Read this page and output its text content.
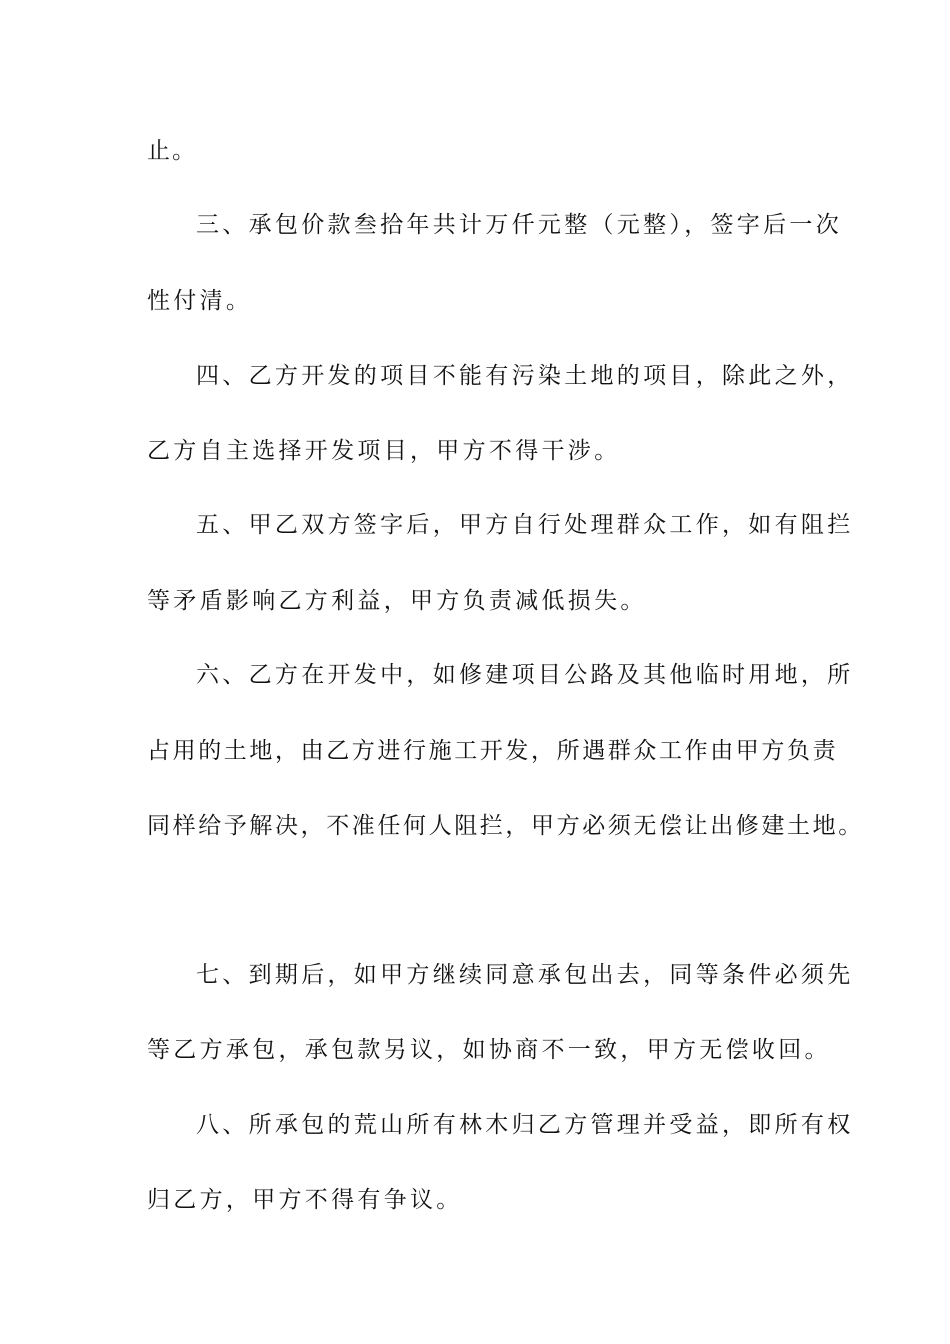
止。
三、承包价款叁拾年共计万仟元整（元整），签字后一次
性付清。
四、乙方开发的项目不能有污染土地的项目，除此之外，
乙方自主选择开发项目，甲方不得干涉。
五、甲乙双方签字后，甲方自行处理群众工作，如有阻拦
等矛盾影响乙方利益，甲方负责减低损失。
六、乙方在开发中，如修建项目公路及其他临时用地，所
占用的土地，由乙方进行施工开发，所遇群众工作由甲方负责
同样给予解决，不准任何人阻拦，甲方必须无偿让出修建土地。
七、到期后，如甲方继续同意承包出去，同等条件必须先
等乙方承包，承包款另议，如协商不一致，甲方无偿收回。
八、所承包的荒山所有林木归乙方管理并受益，即所有权
归乙方，甲方不得有争议。
